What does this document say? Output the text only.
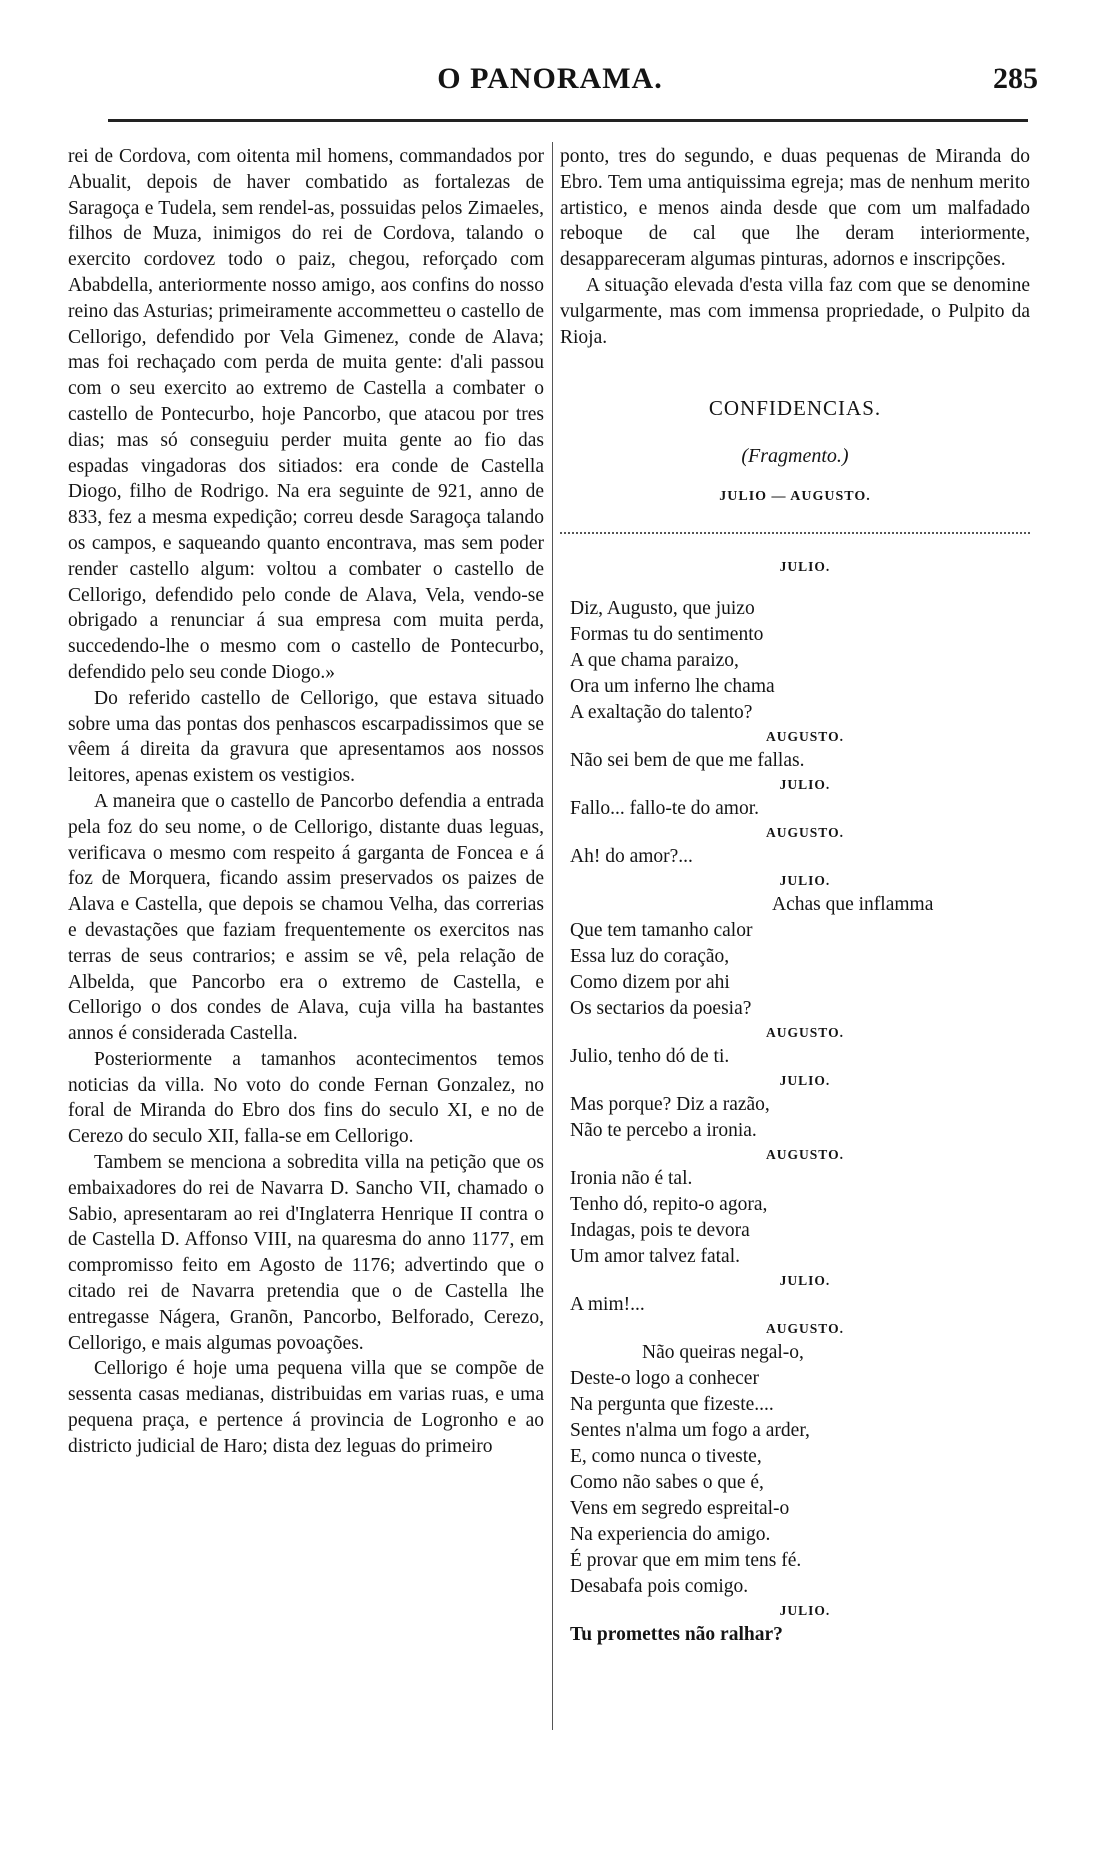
O PANORAMA.	285

rei de Cordova, com oitenta mil homens, commandados por Abualit, depois de haver combatido as fortalezas de Saragoça e Tudela, sem rendel-as, possuidas pelos Zimaeles, filhos de Muza, inimigos do rei de Cordova, talando o exercito cordovez todo o paiz, chegou, reforçado com Ababdella, anteriormente nosso amigo, aos confins do nosso reino das Asturias; primeiramente accommetteu o castello de Cellorigo, defendido por Vela Gimenez, conde de Alava; mas foi rechaçado com perda de muita gente: d'ali passou com o seu exercito ao extremo de Castella a combater o castello de Pontecurbo, hoje Pancorbo, que atacou por tres dias; mas só conseguiu perder muita gente ao fio das espadas vingadoras dos sitiados: era conde de Castella Diogo, filho de Rodrigo. Na era seguinte de 921, anno de 833, fez a mesma expedição; correu desde Saragoça talando os campos, e saqueando quanto encontrava, mas sem poder render castello algum: voltou a combater o castello de Cellorigo, defendido pelo conde de Alava, Vela, vendo-se obrigado a renunciar á sua empresa com muita perda, succedendo-lhe o mesmo com o castello de Pontecurbo, defendido pelo seu conde Diogo.»

Do referido castello de Cellorigo, que estava situado sobre uma das pontas dos penhascos escarpadissimos que se vêem á direita da gravura que apresentamos aos nossos leitores, apenas existem os vestigios.

A maneira que o castello de Pancorbo defendia a entrada pela foz do seu nome, o de Cellorigo, distante duas leguas, verificava o mesmo com respeito á garganta de Foncea e á foz de Morquera, ficando assim preservados os paizes de Alava e Castella, que depois se chamou Velha, das correrias e devastações que faziam frequentemente os exercitos nas terras de seus contrarios; e assim se vê, pela relação de Albelda, que Pancorbo era o extremo de Castella, e Cellorigo o dos condes de Alava, cuja villa ha bastantes annos é considerada Castella.

Posteriormente a tamanhos acontecimentos temos noticias da villa. No voto do conde Fernan Gonzalez, no foral de Miranda do Ebro dos fins do seculo XI, e no de Cerezo do seculo XII, falla-se em Cellorigo.

Tambem se menciona a sobredita villa na petição que os embaixadores do rei de Navarra D. Sancho VII, chamado o Sabio, apresentaram ao rei d'Inglaterra Henrique II contra o de Castella D. Affonso VIII, na quaresma do anno 1177, em compromisso feito em Agosto de 1176; advertindo que o citado rei de Navarra pretendia que o de Castella lhe entregasse Nágera, Granõn, Pancorbo, Belforado, Cerezo, Cellorigo, e mais algumas povoações.

Cellorigo é hoje uma pequena villa que se compõe de sessenta casas medianas, distribuidas em varias ruas, e uma pequena praça, e pertence á provincia de Logronho e ao districto judicial de Haro; dista dez leguas do primeiro

ponto, tres do segundo, e duas pequenas de Miranda do Ebro. Tem uma antiquissima egreja; mas de nenhum merito artistico, e menos ainda desde que com um malfadado reboque de cal que lhe deram interiormente, desappareceram algumas pinturas, adornos e inscripções.

A situação elevada d'esta villa faz com que se denomine vulgarmente, mas com immensa propriedade, o Pulpito da Rioja.

CONFIDENCIAS.
(Fragmento.)
JULIO — AUGUSTO.
JULIO.
Diz, Augusto, que juizo
Formas tu do sentimento
A que chama paraizo,
Ora um inferno lhe chama
A exaltação do talento?
AUGUSTO.
Não sei bem de que me fallas.
JULIO.
Fallo... fallo-te do amor.
AUGUSTO.
Ah! do amor?...
JULIO.
Achas que inflamma
Que tem tamanho calor
Essa luz do coração,
Como dizem por ahi
Os sectarios da poesia?
AUGUSTO.
Julio, tenho dó de ti.
JULIO.
Mas porque? Diz a razão,
Não te percebo a ironia.
AUGUSTO.
Ironia não é tal.
Tenho dó, repito-o agora,
Indagas, pois te devora
Um amor talvez fatal.
JULIO.
A mim!...
AUGUSTO.
Não queiras negal-o,
Deste-o logo a conhecer
Na pergunta que fizeste....
Sentes n'alma um fogo a arder,
E, como nunca o tiveste,
Como não sabes o que é,
Vens em segredo espreital-o
Na experiencia do amigo.
É provar que em mim tens fé.
Desabafa pois comigo.
JULIO.
Tu promettes não ralhar?
